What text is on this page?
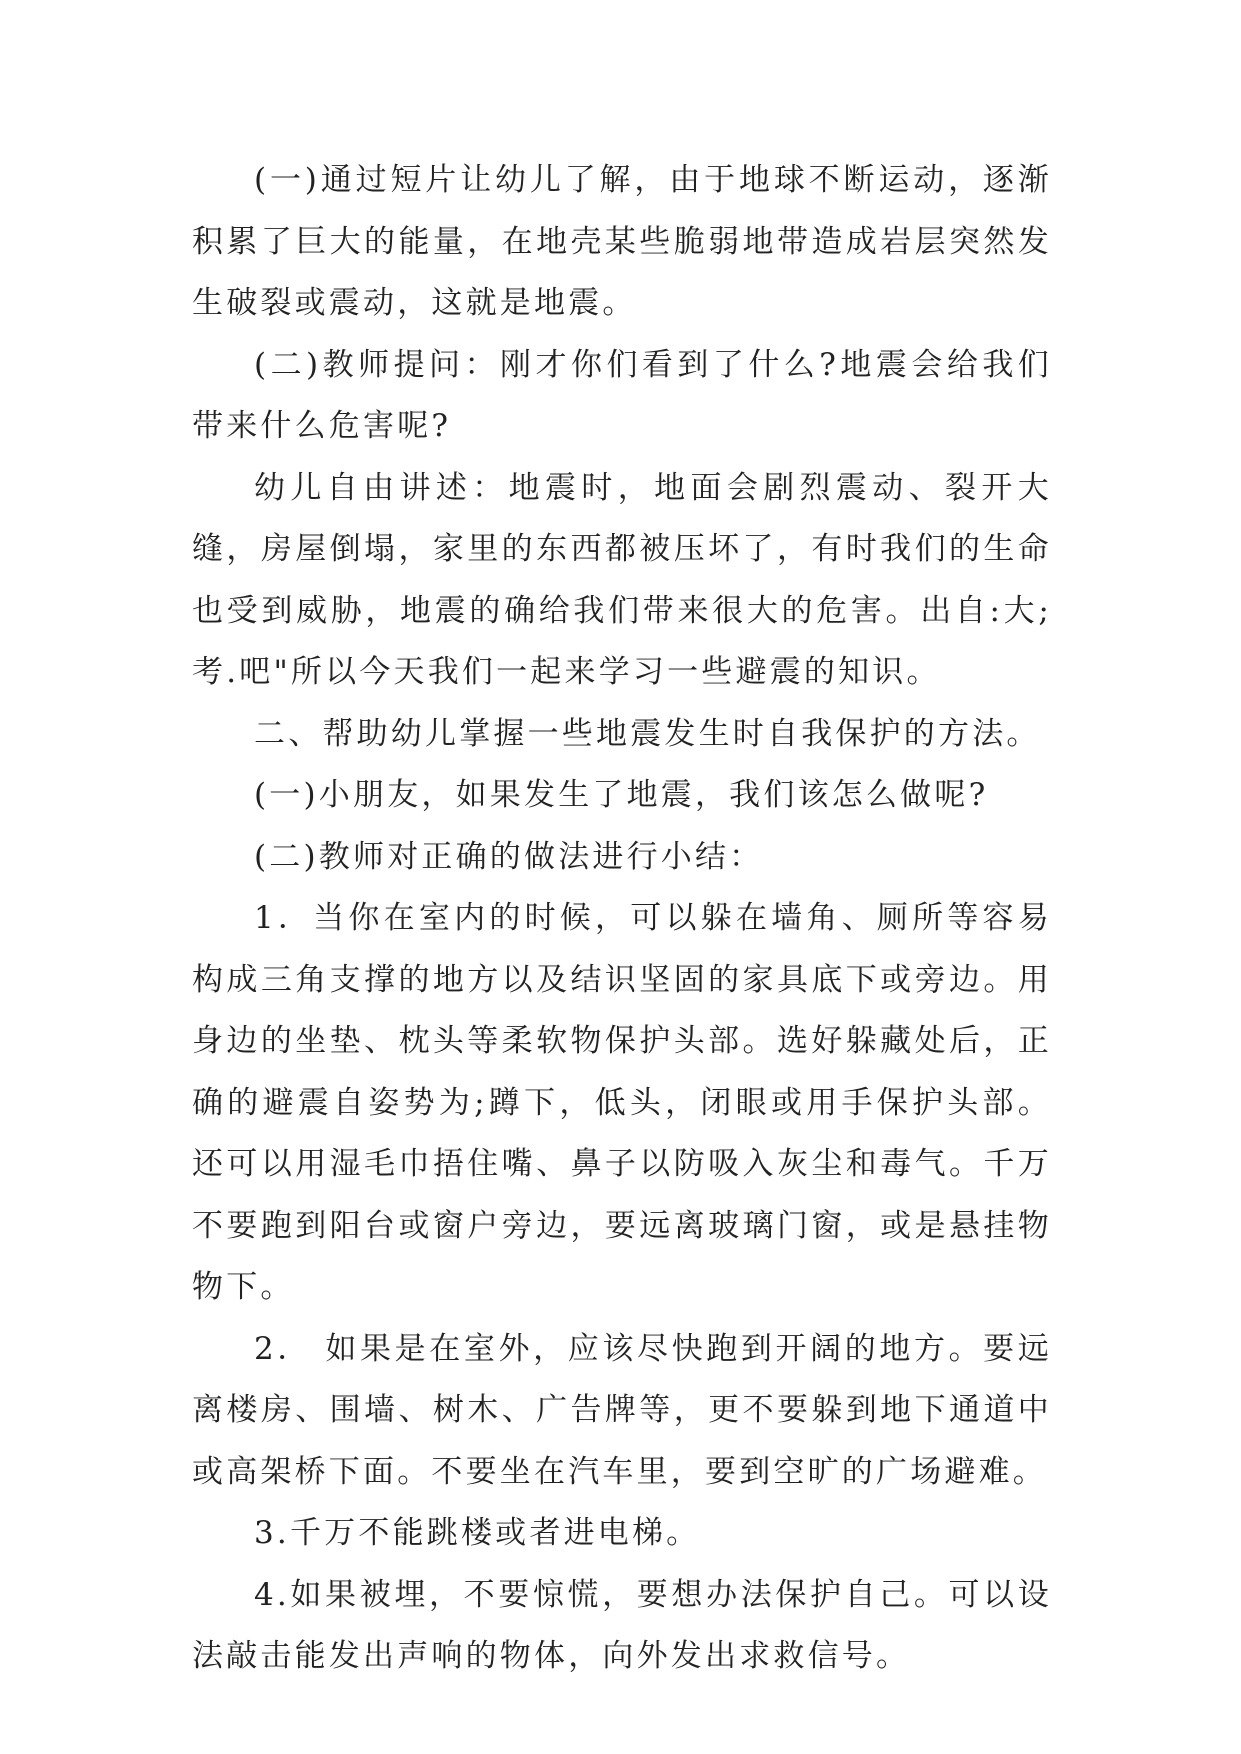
(一)通过短片让幼儿了解，由于地球不断运动，逐渐积累了巨大的能量，在地壳某些脆弱地带造成岩层突然发生破裂或震动，这就是地震。

(二)教师提问：刚才你们看到了什么?地震会给我们带来什么危害呢?

幼儿自由讲述：地震时，地面会剧烈震动、裂开大缝，房屋倒塌，家里的东西都被压坏了，有时我们的生命也受到威胁，地震的确给我们带来很大的危害。出自:大;考.吧"所以今天我们一起来学习一些避震的知识。

二、帮助幼儿掌握一些地震发生时自我保护的方法。

(一)小朋友，如果发生了地震，我们该怎么做呢?

(二)教师对正确的做法进行小结：

1．当你在室内的时候，可以躲在墙角、厕所等容易构成三角支撑的地方以及结识坚固的家具底下或旁边。用身边的坐垫、枕头等柔软物保护头部。选好躲藏处后，正确的避震自姿势为;蹲下，低头，闭眼或用手保护头部。还可以用湿毛巾捂住嘴、鼻子以防吸入灰尘和毒气。千万不要跑到阳台或窗户旁边，要远离玻璃门窗，或是悬挂物物下。

2． 如果是在室外，应该尽快跑到开阔的地方。要远离楼房、围墙、树木、广告牌等，更不要躲到地下通道中或高架桥下面。不要坐在汽车里，要到空旷的广场避难。

3.千万不能跳楼或者进电梯。

4.如果被埋，不要惊慌，要想办法保护自己。可以设法敲击能发出声响的物体，向外发出求救信号。
